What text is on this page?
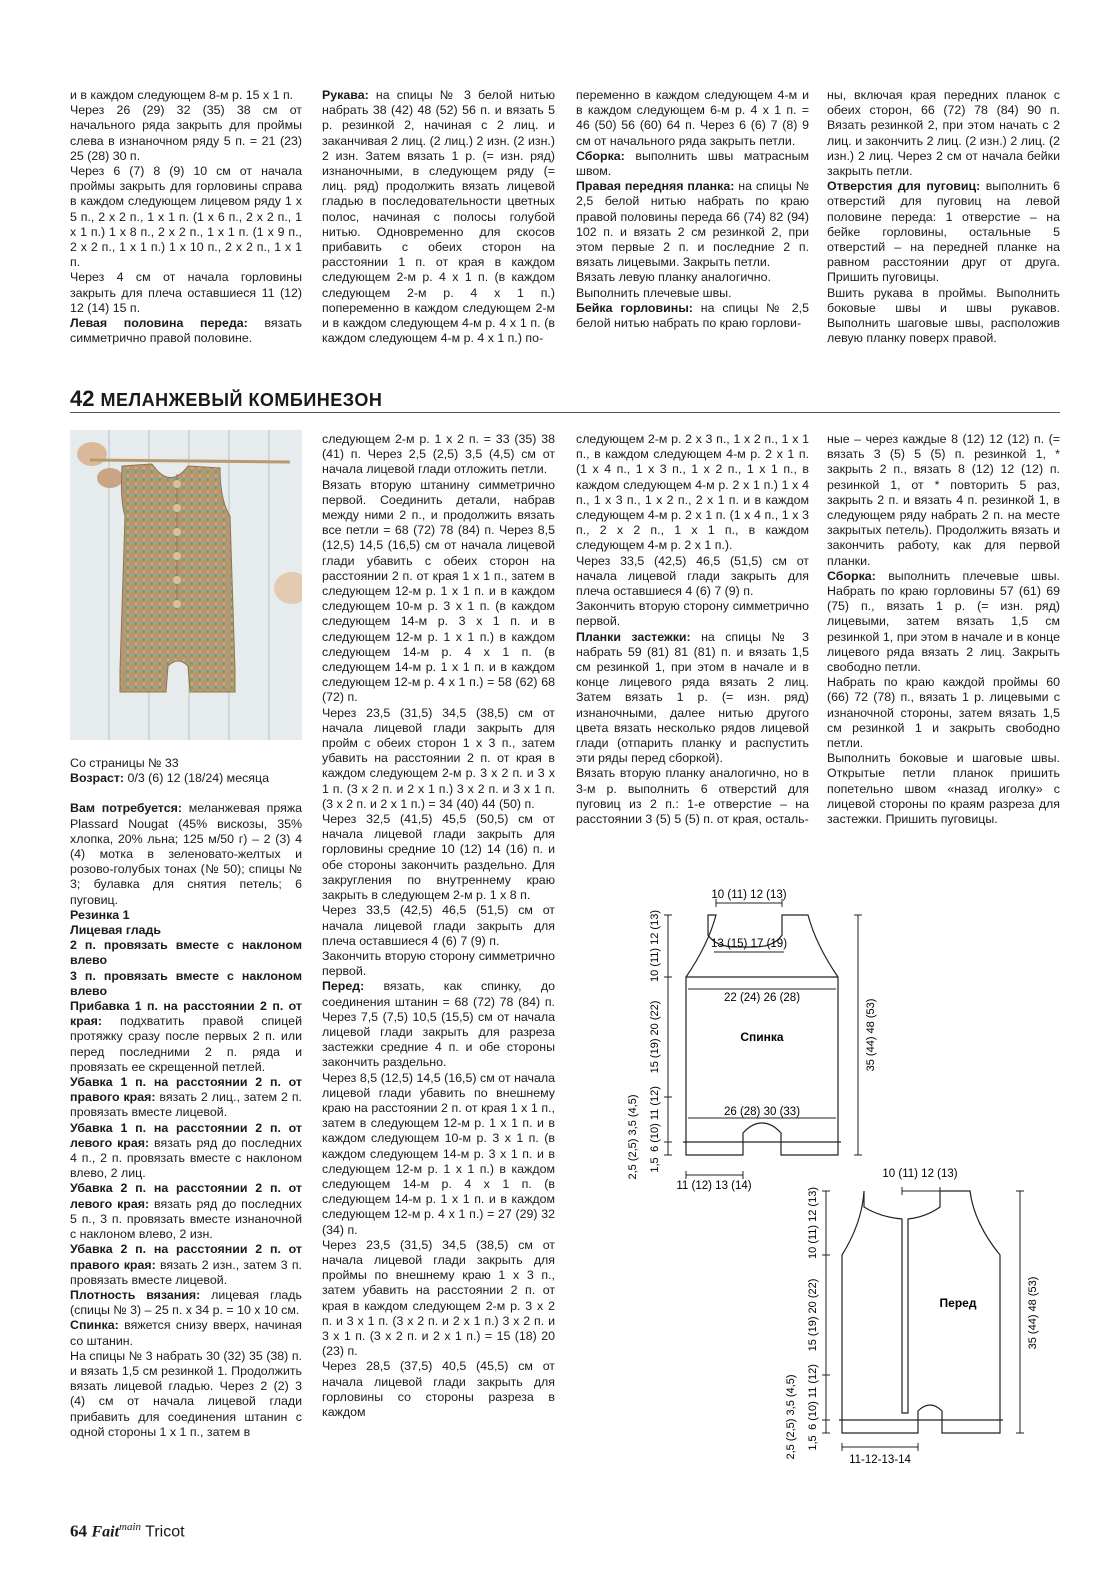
и в каждом следующем 8-м р. 15 х 1 п.

Через 26 (29) 32 (35) 38 см от начального ряда закрыть для проймы слева в изнаночном ряду 5 п. = 21 (23) 25 (28) 30 п.

Через 6 (7) 8 (9) 10 см от начала проймы закрыть для горловины справа в каждом следующем лицевом ряду 1 х 5 п., 2 х 2 п., 1 х 1 п. (1 х 6 п., 2 х 2 п., 1 х 1 п.) 1 х 8 п., 2 х 2 п., 1 х 1 п. (1 х 9 п., 2 х 2 п., 1 х 1 п.) 1 х 10 п., 2 х 2 п., 1 х 1 п.

Через 4 см от начала горловины закрыть для плеча оставшиеся 11 (12) 12 (14) 15 п.

Левая половина переда: вязать симметрично правой половине.

Рукава: на спицы № 3 белой нитью набрать 38 (42) 48 (52) 56 п. и вязать 5 р. резинкой 2, начиная с 2 лиц. и заканчивая 2 лиц. (2 лиц.) 2 изн. (2 изн.) 2 изн. Затем вязать 1 р. (= изн. ряд) изнаночными, в следующем ряду (= лиц. ряд) продолжить вязать лицевой гладью в последовательности цветных полос, начиная с полосы голубой нитью. Одновременно для скосов прибавить с обеих сторон на расстоянии 1 п. от края в каждом следующем 2-м р. 4 х 1 п. (в каждом следующем 2-м р. 4 х 1 п.) попеременно в каждом следующем 2-м и в каждом следующем 4-м р. 4 х 1 п. (в каждом следующем 4-м р. 4 х 1 п.) по-

переменно в каждом следующем 4-м и в каждом следующем 6-м р. 4 х 1 п. = 46 (50) 56 (60) 64 п. Через 6 (6) 7 (8) 9 см от начального ряда закрыть петли.

Сборка: выполнить швы матрасным швом.

Правая передняя планка: на спицы № 2,5 белой нитью набрать по краю правой половины переда 66 (74) 82 (94) 102 п. и вязать 2 см резинкой 2, при этом первые 2 п. и последние 2 п. вязать лицевыми. Закрыть петли.

Вязать левую планку аналогично.

Выполнить плечевые швы.

Бейка горловины: на спицы № 2,5 белой нитью набрать по краю горлови-

ны, включая края передних планок с обеих сторон, 66 (72) 78 (84) 90 п. Вязать резинкой 2, при этом начать с 2 лиц. и закончить 2 лиц. (2 изн.) 2 лиц. (2 изн.) 2 лиц. Через 2 см от начала бейки закрыть петли.

Отверстия для пуговиц: выполнить 6 отверстий для пуговиц на левой половине переда: 1 отверстие – на бейке горловины, остальные 5 отверстий – на передней планке на равном расстоянии друг от друга. Пришить пуговицы.

Вшить рукава в проймы. Выполнить боковые швы и швы рукавов. Выполнить шаговые швы, расположив левую планку поверх правой.

42 МЕЛАНЖЕВЫЙ КОМБИНЕЗОН

Со страницы № 33

Возраст: 0/3 (6) 12 (18/24) месяца

Вам потребуется: меланжевая пряжа Plassard Nougat (45% вискозы, 35% хлопка, 20% льна; 125 м/50 г) – 2 (3) 4 (4) мотка в зеленовато-желтых и розово-голубых тонах (№ 50); спицы № 3; булавка для снятия петель; 6 пуговиц.

Резинка 1

Лицевая гладь

2 п. провязать вместе с наклоном влево

3 п. провязать вместе с наклоном влево

Прибавка 1 п. на расстоянии 2 п. от края: подхватить правой спицей протяжку сразу после первых 2 п. или перед последними 2 п. ряда и провязать ее скрещенной петлей.

Убавка 1 п. на расстоянии 2 п. от правого края: вязать 2 лиц., затем 2 п. провязать вместе лицевой.

Убавка 1 п. на расстоянии 2 п. от левого края: вязать ряд до последних 4 п., 2 п. провязать вместе с наклоном влево, 2 лиц.

Убавка 2 п. на расстоянии 2 п. от левого края: вязать ряд до последних 5 п., 3 п. провязать вместе изнаночной с наклоном влево, 2 изн.

Убавка 2 п. на расстоянии 2 п. от правого края: вязать 2 изн., затем 3 п. провязать вместе лицевой.

Плотность вязания: лицевая гладь (спицы № 3) – 25 п. х 34 р. = 10 х 10 см.

Спинка: вяжется снизу вверх, начиная со штанин.

На спицы № 3 набрать 30 (32) 35 (38) п. и вязать 1,5 см резинкой 1. Продолжить вязать лицевой гладью. Через 2 (2) 3 (4) см от начала лицевой глади прибавить для соединения штанин с одной стороны 1 х 1 п., затем в

следующем 2-м р. 1 х 2 п. = 33 (35) 38 (41) п. Через 2,5 (2,5) 3,5 (4,5) см от начала лицевой глади отложить петли.

Вязать вторую штанину симметрично первой. Соединить детали, набрав между ними 2 п., и продолжить вязать все петли = 68 (72) 78 (84) п. Через 8,5 (12,5) 14,5 (16,5) см от начала лицевой глади убавить с обеих сторон на расстоянии 2 п. от края 1 х 1 п., затем в следующем 12-м р. 1 х 1 п. и в каждом следующем 10-м р. 3 х 1 п. (в каждом следующем 14-м р. 3 х 1 п. и в следующем 12-м р. 1 х 1 п.) в каждом следующем 14-м р. 4 х 1 п. (в следующем 14-м р. 1 х 1 п. и в каждом следующем 12-м р. 4 х 1 п.) = 58 (62) 68 (72) п.

Через 23,5 (31,5) 34,5 (38,5) см от начала лицевой глади закрыть для пройм с обеих сторон 1 х 3 п., затем убавить на расстоянии 2 п. от края в каждом следующем 2-м р. 3 х 2 п. и 3 х 1 п. (3 х 2 п. и 2 х 1 п.) 3 х 2 п. и 3 х 1 п. (3 х 2 п. и 2 х 1 п.) = 34 (40) 44 (50) п.

Через 32,5 (41,5) 45,5 (50,5) см от начала лицевой глади закрыть для горловины средние 10 (12) 14 (16) п. и обе стороны закончить раздельно. Для закругления по внутреннему краю закрыть в следующем 2-м р. 1 х 8 п.

Через 33,5 (42,5) 46,5 (51,5) см от начала лицевой глади закрыть для плеча оставшиеся 4 (6) 7 (9) п.

Закончить вторую сторону симметрично первой.

Перед: вязать, как спинку, до соединения штанин = 68 (72) 78 (84) п. Через 7,5 (7,5) 10,5 (15,5) см от начала лицевой глади закрыть для разреза застежки средние 4 п. и обе стороны закончить раздельно.

Через 8,5 (12,5) 14,5 (16,5) см от начала лицевой глади убавить по внешнему краю на расстоянии 2 п. от края 1 х 1 п., затем в следующем 12-м р. 1 х 1 п. и в каждом следующем 10-м р. 3 х 1 п. (в каждом следующем 14-м р. 3 х 1 п. и в следующем 12-м р. 1 х 1 п.) в каждом следующем 14-м р. 4 х 1 п. (в следующем 14-м р. 1 х 1 п. и в каждом следующем 12-м р. 4 х 1 п.) = 27 (29) 32 (34) п.

Через 23,5 (31,5) 34,5 (38,5) см от начала лицевой глади закрыть для проймы по внешнему краю 1 х 3 п., затем убавить на расстоянии 2 п. от края в каждом следующем 2-м р. 3 х 2 п. и 3 х 1 п. (3 х 2 п. и 2 х 1 п.) 3 х 2 п. и 3 х 1 п. (3 х 2 п. и 2 х 1 п.) = 15 (18) 20 (23) п.

Через 28,5 (37,5) 40,5 (45,5) см от начала лицевой глади закрыть для горловины со стороны разреза в каждом

следующем 2-м р. 2 х 3 п., 1 х 2 п., 1 х 1 п., в каждом следующем 4-м р. 2 х 1 п. (1 х 4 п., 1 х 3 п., 1 х 2 п., 1 х 1 п., в каждом следующем 4-м р. 2 х 1 п.) 1 х 4 п., 1 х 3 п., 1 х 2 п., 2 х 1 п. и в каждом следующем 4-м р. 2 х 1 п. (1 х 4 п., 1 х 3 п., 2 х 2 п., 1 х 1 п., в каждом следующем 4-м р. 2 х 1 п.).

Через 33,5 (42,5) 46,5 (51,5) см от начала лицевой глади закрыть для плеча оставшиеся 4 (6) 7 (9) п.

Закончить вторую сторону симметрично первой.

Планки застежки: на спицы № 3 набрать 59 (81) 81 (81) п. и вязать 1,5 см резинкой 1, при этом в начале и в конце лицевого ряда вязать 2 лиц. Затем вязать 1 р. (= изн. ряд) изнаночными, далее нитью другого цвета вязать несколько рядов лицевой глади (отпарить планку и распустить эти ряды перед сборкой).

Вязать вторую планку аналогично, но в 3-м р. выполнить 6 отверстий для пуговиц из 2 п.: 1-е отверстие – на расстоянии 3 (5) 5 (5) п. от края, осталь-

ные – через каждые 8 (12) 12 (12) п. (= вязать 3 (5) 5 (5) п. резинкой 1, * закрыть 2 п., вязать 8 (12) 12 (12) п. резинкой 1, от * повторить 5 раз, закрыть 2 п. и вязать 4 п. резинкой 1, в следующем ряду набрать 2 п. на месте закрытых петель). Продолжить вязать и закончить работу, как для первой планки.

Сборка: выполнить плечевые швы. Набрать по краю горловины 57 (61) 69 (75) п., вязать 1 р. (= изн. ряд) лицевыми, затем вязать 1,5 см резинкой 1, при этом в начале и в конце лицевого ряда вязать 2 лиц. Закрыть свободно петли.

Набрать по краю каждой проймы 60 (66) 72 (78) п., вязать 1 р. лицевыми с изнаночной стороны, затем вязать 1,5 см резинкой 1 и закрыть свободно петли.

Выполнить боковые и шаговые швы. Открытые петли планок пришить попетельно швом «назад иголку» с лицевой стороны по краям разреза для застежки. Пришить пуговицы.

10 (11) 12 (13)
13 (15) 17 (19)
22 (24) 26 (28)
Спинка
26 (28) 30 (33)
11 (12) 13 (14)
10 (11) 12 (13)
15 (19) 20 (22)
6 (10) 11 (12)
2,5 (2,5) 3,5 (4,5) 1,5
35 (44) 48 (53)
10 (11) 12 (13)
Перед
11-12-13-14
10 (11) 12 (13)
15 (19) 20 (22)
6 (10) 11 (12)
2,5 (2,5) 3,5 (4,5) 1,5
35 (44) 48 (53)
64 Fait$^{main}$ Tricot
